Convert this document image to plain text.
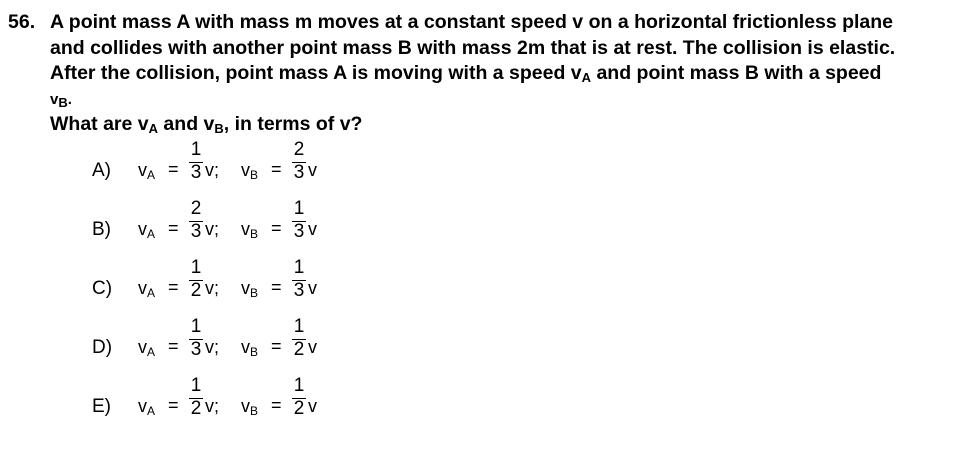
56. A point mass A with mass m moves at a constant speed v on a horizontal frictionless plane
and collides with another point mass B with mass 2m that is at rest. The collision is elastic.
After the collision, point mass A is moving with a speed vA and point mass B with a speed
vB.
What are vA and vB, in terms of v?
A) vA =
1
3 v; vB =
2
3 v
B) vA =
2
3 v; vB =
1
3 v
C) vA =
1
2 v; vB =
1
3 v
D) vA =
1
3 v; vB =
1
2 v
E) vA =
1
2 v; vB =
1
2 v
